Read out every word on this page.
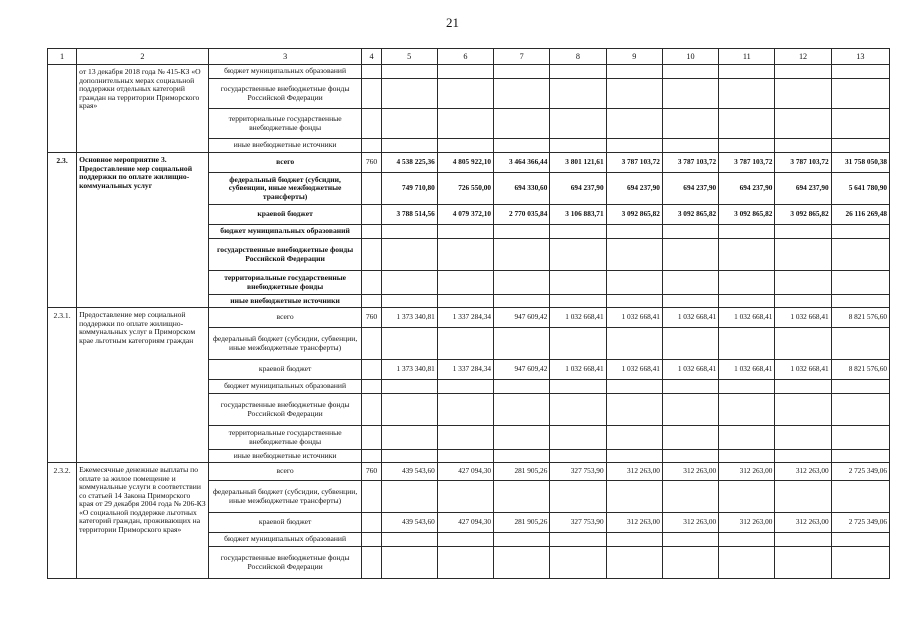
21
1	2	3	4	5	6	7	8	9	10	11	12	13
	от 13 декабря 2018 года № 415-КЗ «О дополнительных мерах социальной поддержки отдельных категорий граждан на территории Приморского края»	бюджет муниципальных образований										
		государственные внебюджетные фонды Российской Федерации										
		территориальные государственные внебюджетные фонды										
		иные внебюджетные источники										
2.3.	Основное мероприятие 3. Предоставление мер социальной поддержки по оплате жилищно-коммунальных услуг	всего	760	4 538 225,36	4 805 922,10	3 464 366,44	3 801 121,61	3 787 103,72	3 787 103,72	3 787 103,72	3 787 103,72	31 758 050,38
		федеральный бюджет (субсидии, субвенции, иные межбюджетные трансферты)		749 710,80	726 550,00	694 330,60	694 237,90	694 237,90	694 237,90	694 237,90	694 237,90	5 641 780,90
		краевой бюджет		3 788 514,56	4 079 372,10	2 770 035,84	3 106 883,71	3 092 865,82	3 092 865,82	3 092 865,82	3 092 865,82	26 116 269,48
		бюджет муниципальных образований										
		государственные внебюджетные фонды Российской Федерации										
		территориальные государственные внебюджетные фонды										
		иные внебюджетные источники										
2.3.1.	Предоставление мер социальной поддержки по оплате жилищно-коммунальных услуг в Приморском крае льготным категориям граждан	всего	760	1 373 340,81	1 337 284,34	947 609,42	1 032 668,41	1 032 668,41	1 032 668,41	1 032 668,41	1 032 668,41	8 821 576,60
		федеральный бюджет (субсидии, субвенции, иные межбюджетные трансферты)										
		краевой бюджет		1 373 340,81	1 337 284,34	947 609,42	1 032 668,41	1 032 668,41	1 032 668,41	1 032 668,41	1 032 668,41	8 821 576,60
		бюджет муниципальных образований										
		государственные внебюджетные фонды Российской Федерации										
		территориальные государственные внебюджетные фонды										
		иные внебюджетные источники										
2.3.2.	Ежемесячные денежные выплаты по оплате за жилое помещение и коммунальные услуги в соответствии со статьей 14 Закона Приморского края от 29 декабря 2004 года № 206-КЗ «О социальной поддержке льготных категорий граждан, проживающих на территории Приморского края»	всего	760	439 543,60	427 094,30	281 905,26	327 753,90	312 263,00	312 263,00	312 263,00	312 263,00	2 725 349,06
		федеральный бюджет (субсидии, субвенции, иные межбюджетные трансферты)										
		краевой бюджет		439 543,60	427 094,30	281 905,26	327 753,90	312 263,00	312 263,00	312 263,00	312 263,00	2 725 349,06
		бюджет муниципальных образований										
		государственные внебюджетные фонды Российской Федерации										
